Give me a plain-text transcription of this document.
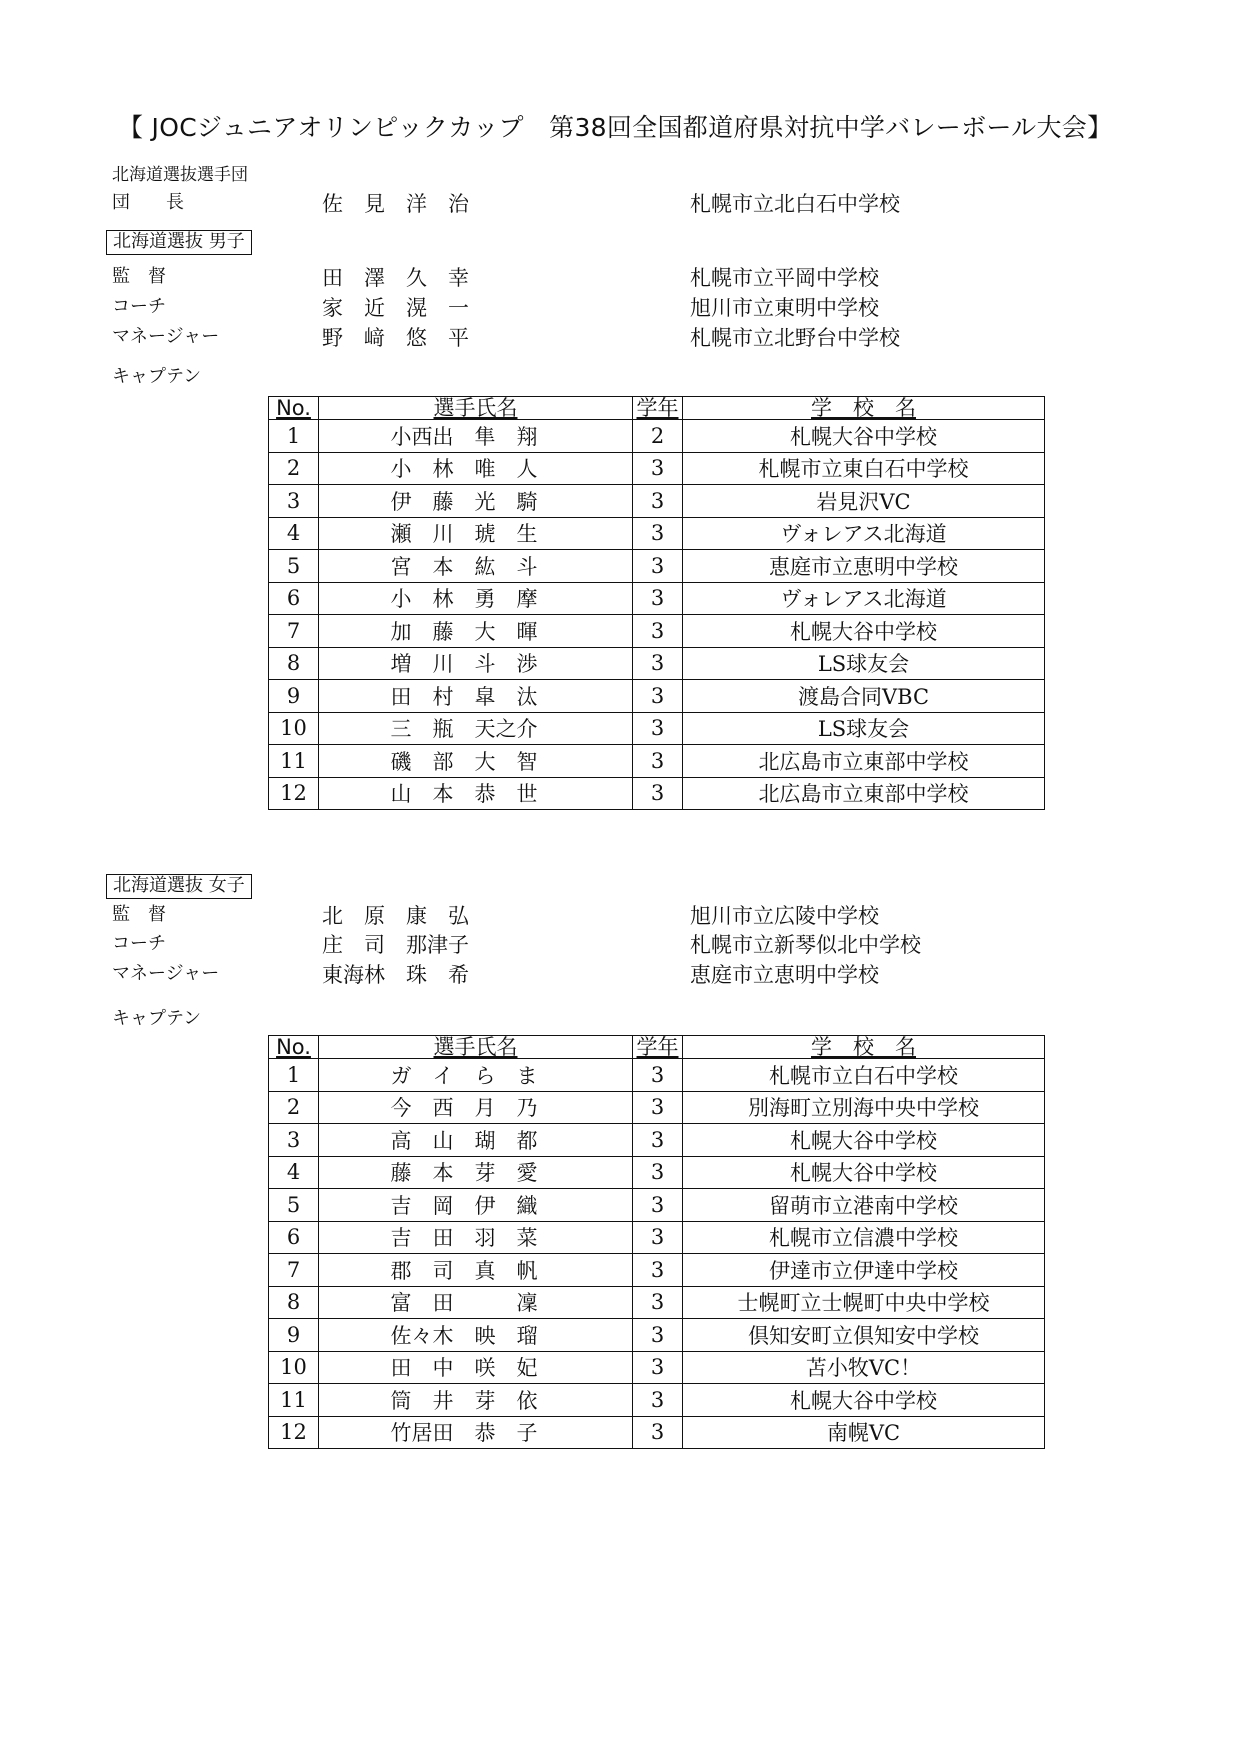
【 JOCジュニアオリンピックカップ　第38回全国都道府県対抗中学バレーボール大会】
北海道選抜選手団
団　　長	佐　見　洋　治	札幌市立北白石中学校
北海道選抜 男子
監　督	田　澤　久　幸	札幌市立平岡中学校
コーチ	家　近　滉　一	旭川市立東明中学校
マネージャー	野　﨑　悠　平	札幌市立北野台中学校
キャプテン
No.	選手氏名	学年	学　校　名
1	小西出　隼　翔	2	札幌大谷中学校
2	小　林　唯　人	3	札幌市立東白石中学校
3	伊　藤　光　騎	3	岩見沢VC
4	瀬　川　琥　生	3	ヴォレアス北海道
5	宮　本　紘　斗	3	恵庭市立恵明中学校
6	小　林　勇　摩	3	ヴォレアス北海道
7	加　藤　大　暉	3	札幌大谷中学校
8	増　川　斗　渉	3	LS球友会
9	田　村　皐　汰	3	渡島合同VBC
10	三　瓶　天之介	3	LS球友会
11	磯　部　大　智	3	北広島市立東部中学校
12	山　本　恭　世	3	北広島市立東部中学校
北海道選抜 女子
監　督	北　原　康　弘	旭川市立広陵中学校
コーチ	庄　司　那津子	札幌市立新琴似北中学校
マネージャー	東海林　珠　希	恵庭市立恵明中学校
キャプテン
No.	選手氏名	学年	学　校　名
1	ガ　イ　ら　ま	3	札幌市立白石中学校
2	今　西　月　乃	3	別海町立別海中央中学校
3	高　山　瑚　都	3	札幌大谷中学校
4	藤　本　芽　愛	3	札幌大谷中学校
5	吉　岡　伊　織	3	留萌市立港南中学校
6	吉　田　羽　菜	3	札幌市立信濃中学校
7	郡　司　真　帆	3	伊達市立伊達中学校
8	富　田　　　凜	3	士幌町立士幌町中央中学校
9	佐々木　映　瑠	3	倶知安町立倶知安中学校
10	田　中　咲　妃	3	苫小牧VC！
11	筒　井　芽　依	3	札幌大谷中学校
12	竹居田　恭　子	3	南幌VC
